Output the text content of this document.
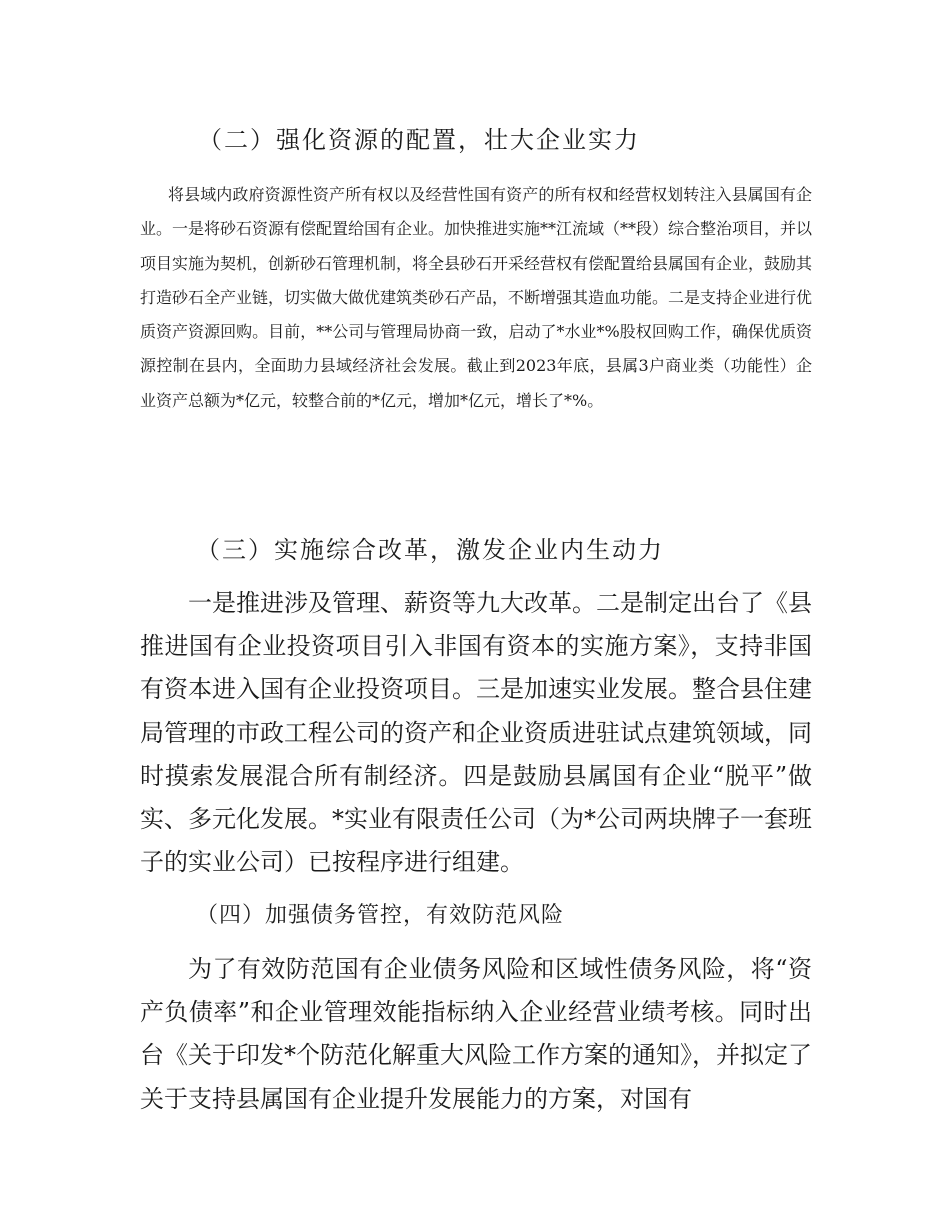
（二）强化资源的配置，壮大企业实力

将县域内政府资源性资产所有权以及经营性国有资产的所有权和经营权划转注入县属国有企业。一是将砂石资源有偿配置给国有企业。加快推进实施**江流域（**段）综合整治项目，并以项目实施为契机，创新砂石管理机制，将全县砂石开采经营权有偿配置给县属国有企业，鼓励其打造砂石全产业链，切实做大做优建筑类砂石产品，不断增强其造血功能。二是支持企业进行优质资产资源回购。目前，**公司与管理局协商一致，启动了*水业*%股权回购工作，确保优质资源控制在县内，全面助力县域经济社会发展。截止到2023年底，县属3户商业类（功能性）企业资产总额为*亿元，较整合前的*亿元，增加*亿元，增长了*%。

（三）实施综合改革，激发企业内生动力

一是推进涉及管理、薪资等九大改革。二是制定出台了《县推进国有企业投资项目引入非国有资本的实施方案》，支持非国有资本进入国有企业投资项目。三是加速实业发展。整合县住建局管理的市政工程公司的资产和企业资质进驻试点建筑领域，同时摸索发展混合所有制经济。四是鼓励县属国有企业“脱平”做实、多元化发展。*实业有限责任公司（为*公司两块牌子一套班子的实业公司）已按程序进行组建。

（四）加强债务管控，有效防范风险

为了有效防范国有企业债务风险和区域性债务风险，将“资产负债率”和企业管理效能指标纳入企业经营业绩考核。同时出台《关于印发*个防范化解重大风险工作方案的通知》，并拟定了关于支持县属国有企业提升发展能力的方案，对国有
